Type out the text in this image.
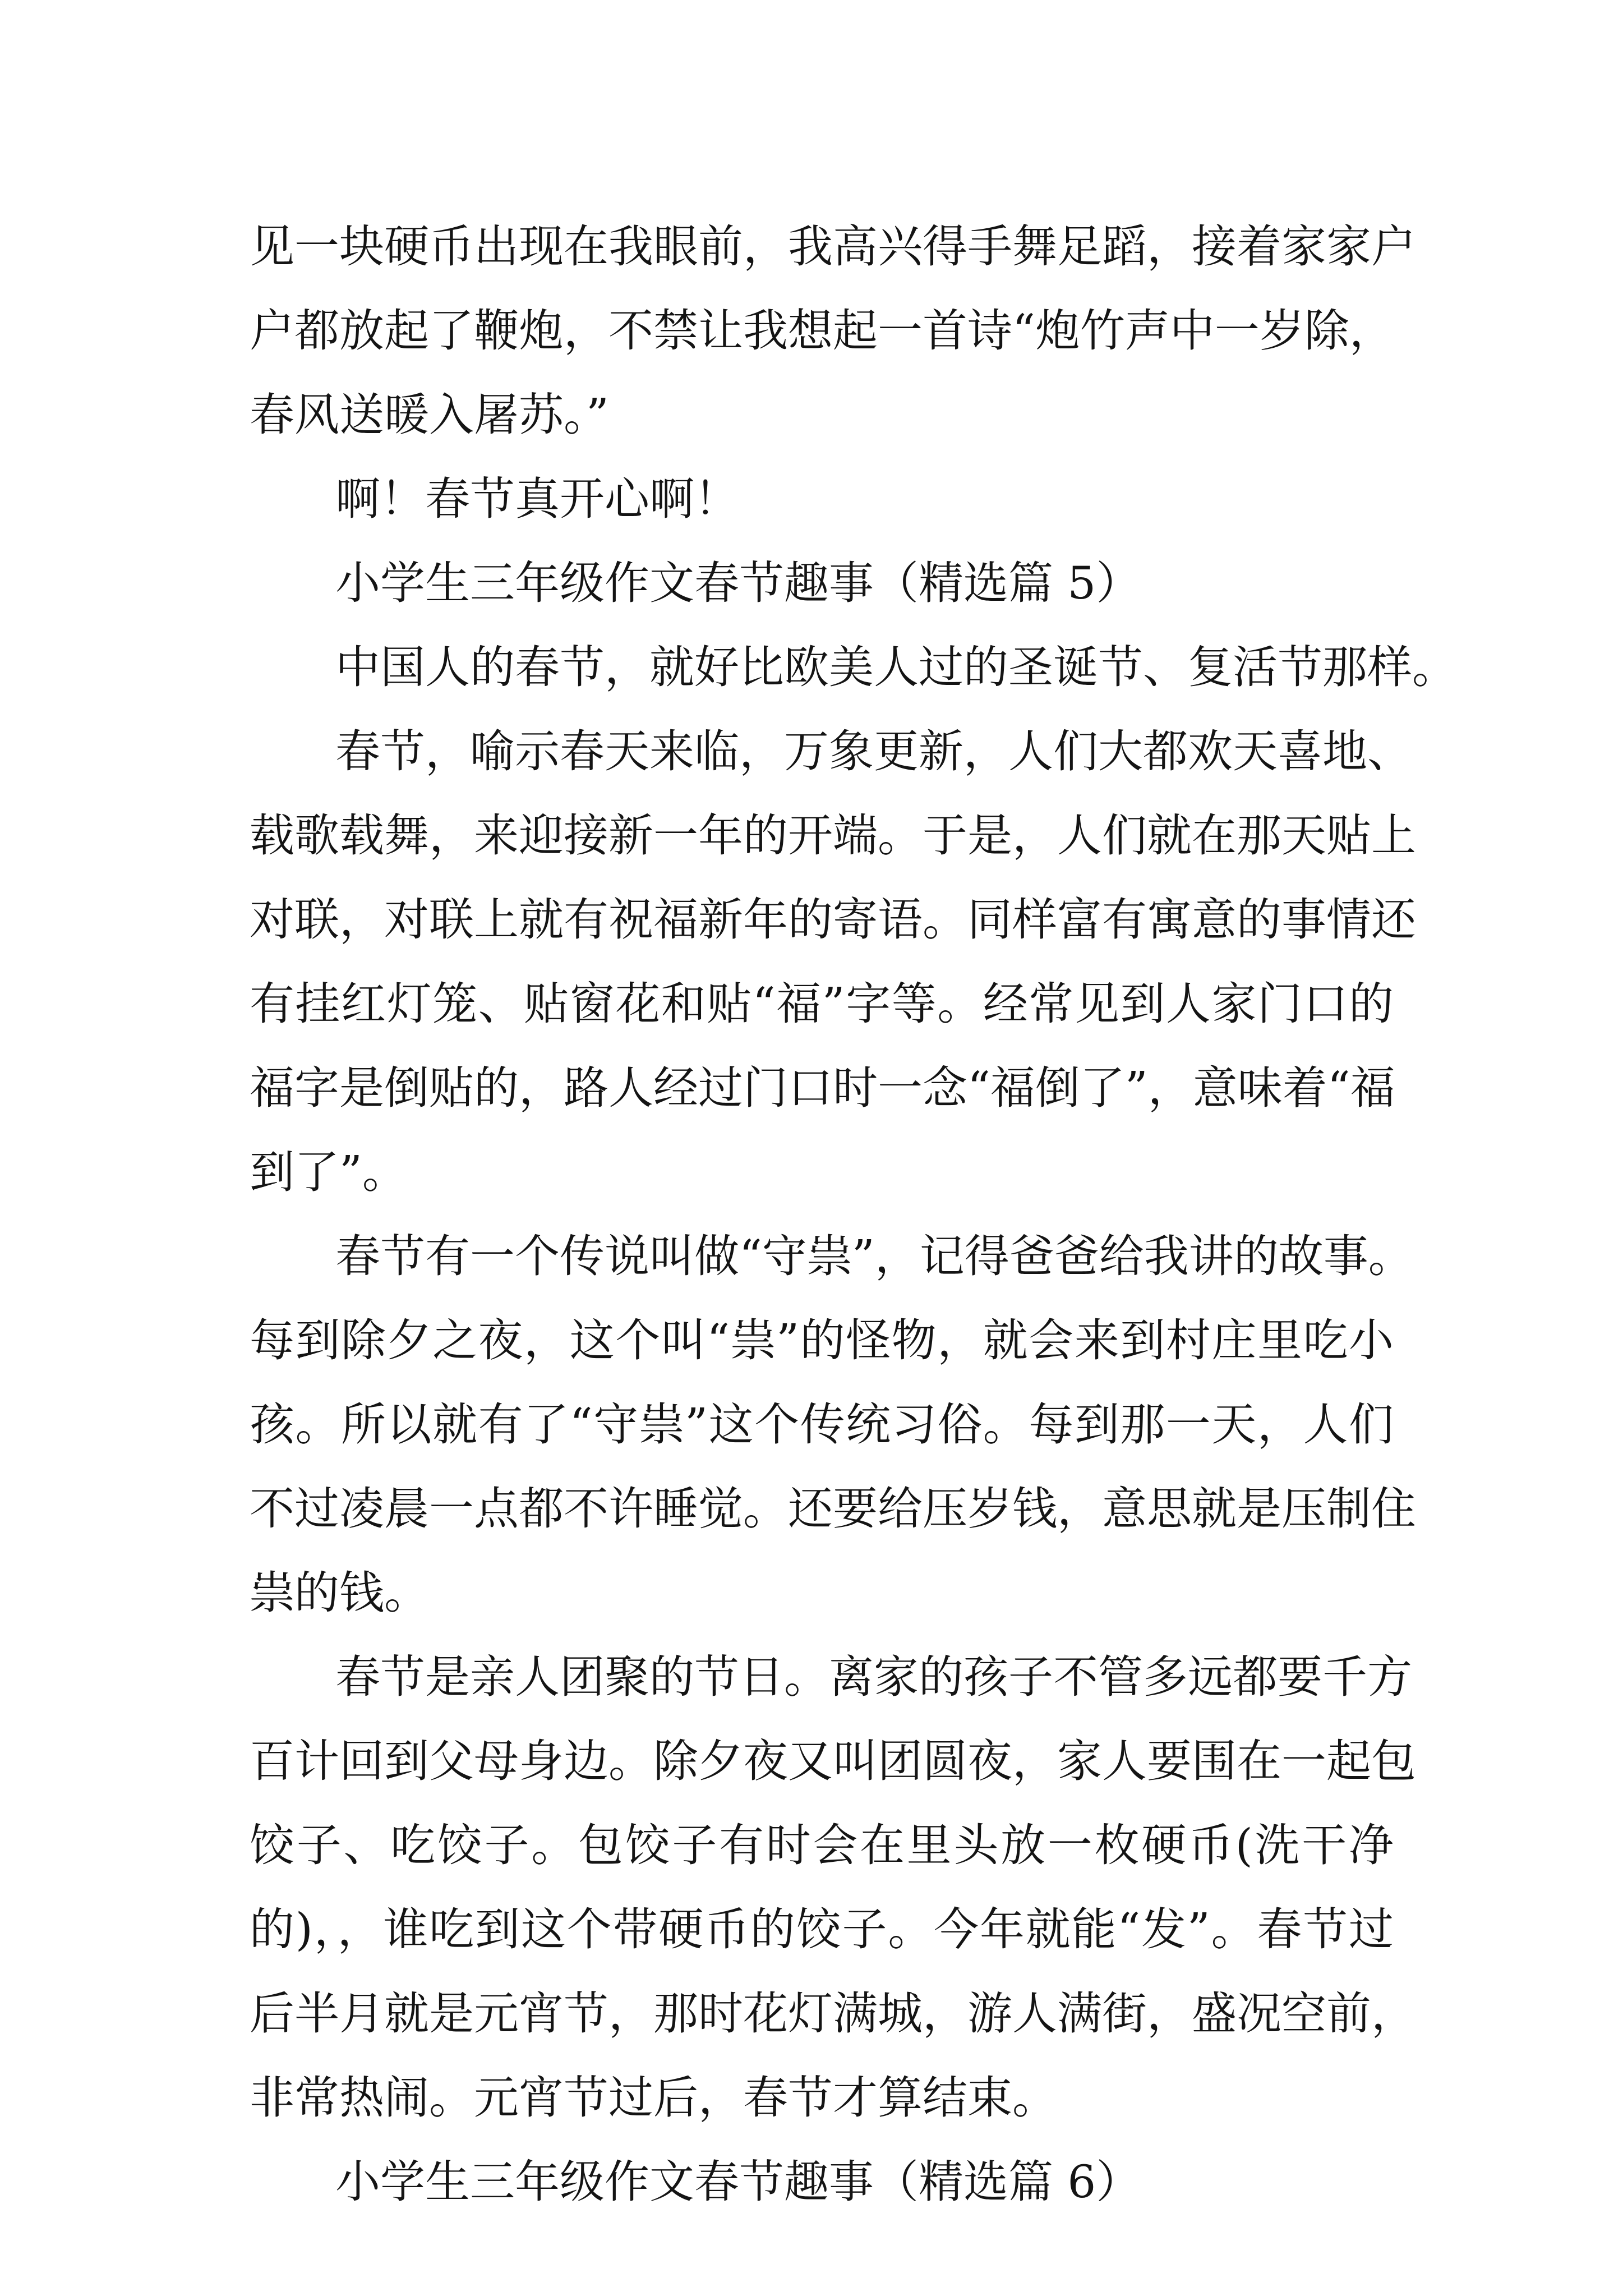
见一块硬币出现在我眼前，我高兴得手舞足蹈，接着家家户
户都放起了鞭炮，不禁让我想起一首诗“炮竹声中一岁除，
春风送暖入屠苏。”
啊！春节真开心啊！
小学生三年级作文春节趣事（精选篇 5）
中国人的春节，就好比欧美人过的圣诞节、复活节那样。
春节，喻示春天来临，万象更新，人们大都欢天喜地、
载歌载舞，来迎接新一年的开端。于是，人们就在那天贴上
对联，对联上就有祝福新年的寄语。同样富有寓意的事情还
有挂红灯笼、贴窗花和贴“福”字等。经常见到人家门口的
福字是倒贴的，路人经过门口时一念“福倒了”，意味着“福
到了”。
春节有一个传说叫做“守祟”，记得爸爸给我讲的故事。
每到除夕之夜，这个叫“祟”的怪物，就会来到村庄里吃小
孩。所以就有了“守祟”这个传统习俗。每到那一天，人们
不过凌晨一点都不许睡觉。还要给压岁钱，意思就是压制住
祟的钱。
春节是亲人团聚的节日。离家的孩子不管多远都要千方
百计回到父母身边。除夕夜又叫团圆夜，家人要围在一起包
饺子、吃饺子。包饺子有时会在里头放一枚硬币(洗干净
的)，，谁吃到这个带硬币的饺子。今年就能“发”。春节过
后半月就是元宵节，那时花灯满城，游人满街，盛况空前，
非常热闹。元宵节过后，春节才算结束。
小学生三年级作文春节趣事（精选篇 6）
